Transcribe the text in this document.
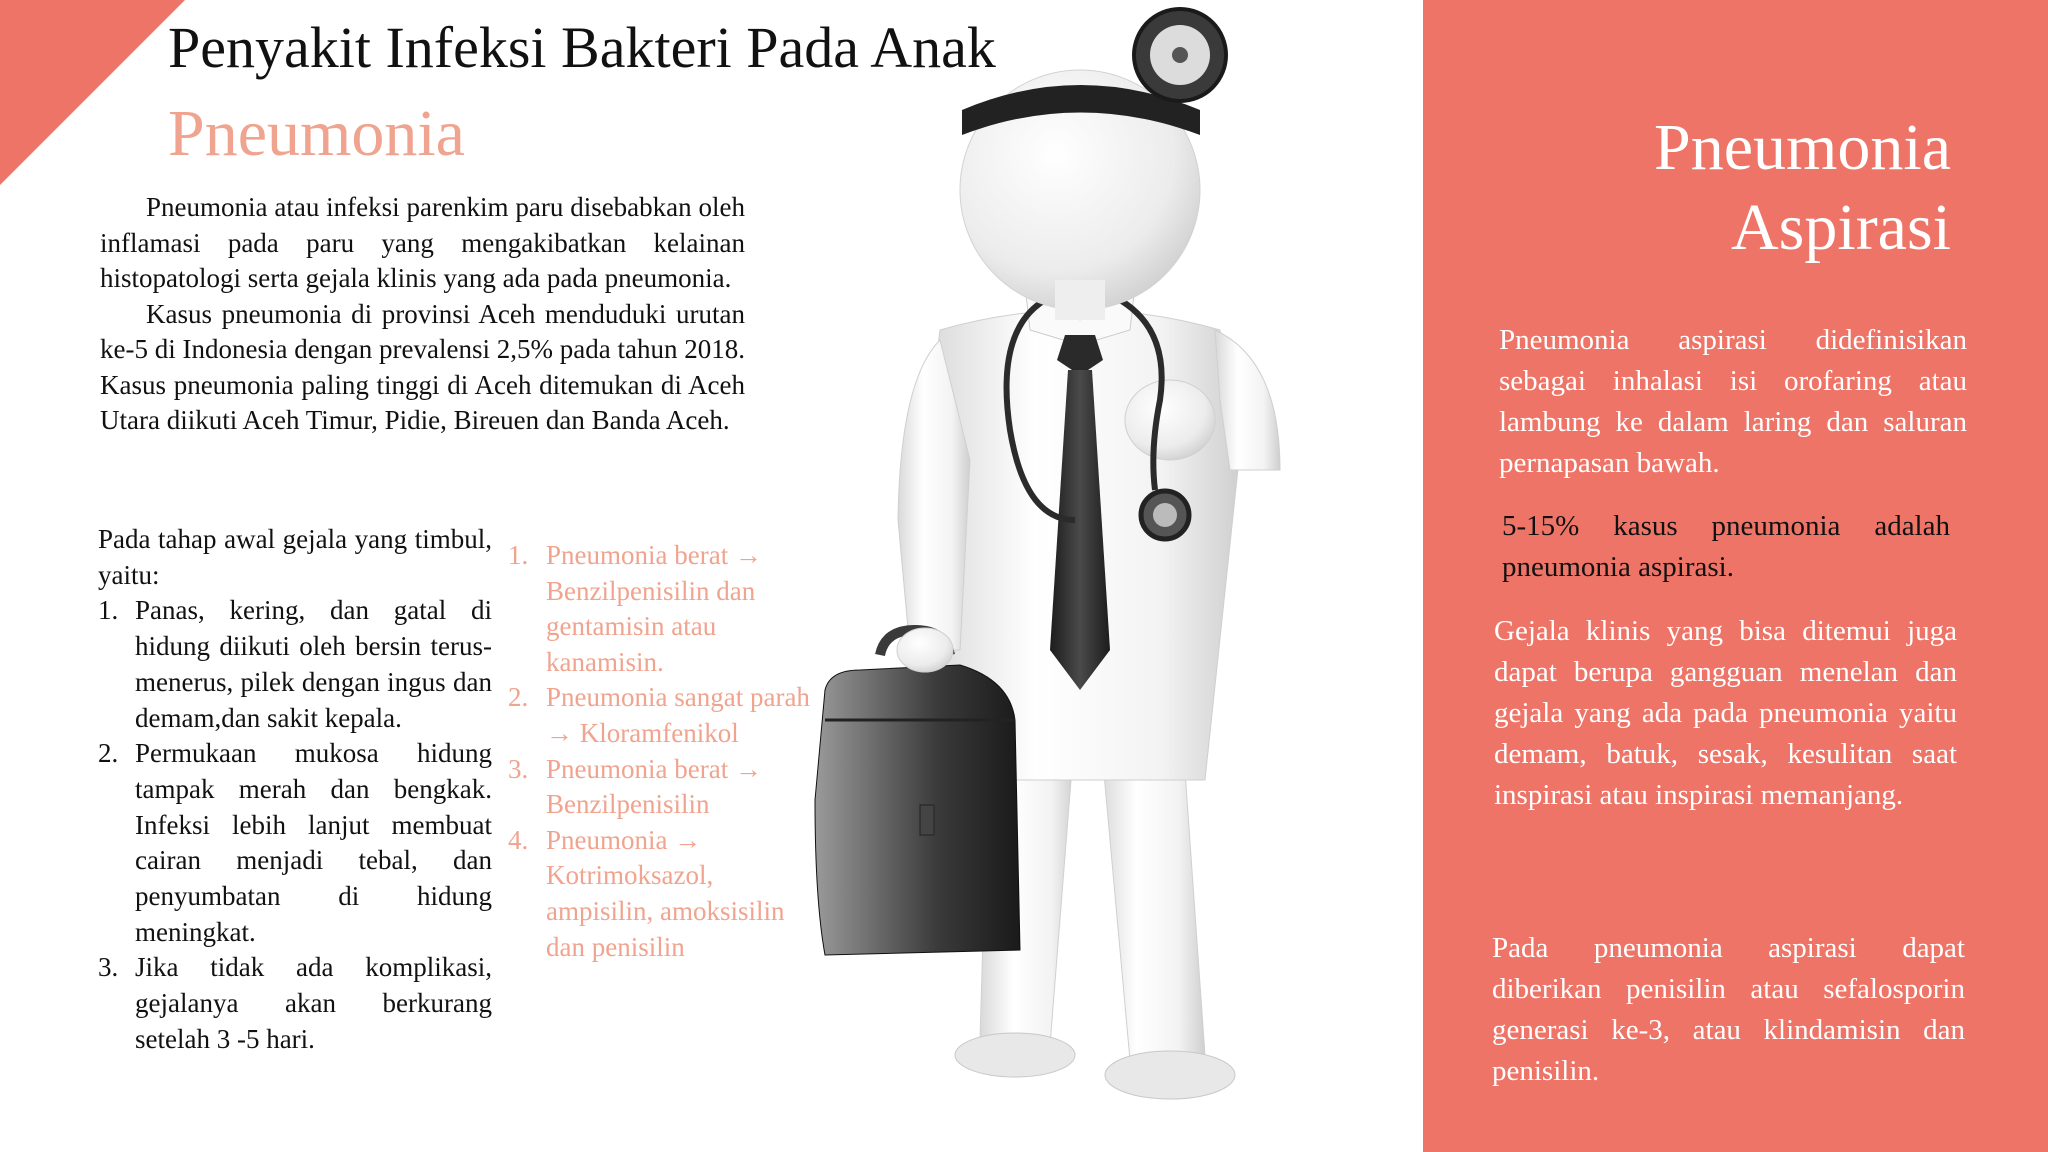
Penyakit Infeksi Bakteri Pada Anak
Pneumonia

Pneumonia atau infeksi parenkim paru disebabkan oleh inflamasi pada paru yang mengakibatkan kelainan histopatologi serta gejala klinis yang ada pada pneumonia.

Kasus pneumonia di provinsi Aceh menduduki urutan ke-5 di Indonesia dengan prevalensi 2,5% pada tahun 2018. Kasus pneumonia paling tinggi di Aceh ditemukan di Aceh Utara diikuti Aceh Timur, Pidie, Bireuen dan Banda Aceh.

Pada tahap awal gejala yang timbul, yaitu:

1. Panas, kering, dan gatal di hidung diikuti oleh bersin terus-menerus, pilek dengan ingus dan demam,dan sakit kepala.
2. Permukaan mukosa hidung tampak merah dan bengkak. Infeksi lebih lanjut membuat cairan menjadi tebal, dan penyumbatan di hidung meningkat.
3. Jika tidak ada komplikasi, gejalanya akan berkurang setelah 3 -5 hari.
1. Pneumonia berat → Benzilpenisilin dan gentamisin atau kanamisin.
2. Pneumonia sangat parah → Kloramfenikol
3. Pneumonia berat → Benzilpenisilin
4. Pneumonia → Kotrimoksazol, ampisilin, amoksisilin dan penisilin
Pneumonia
Aspirasi
Pneumonia aspirasi didefinisikan sebagai inhalasi isi orofaring atau lambung ke dalam laring dan saluran pernapasan bawah.
5-15% kasus pneumonia adalah pneumonia aspirasi.
Gejala klinis yang bisa ditemui juga dapat berupa gangguan menelan dan gejala yang ada pada pneumonia yaitu demam, batuk, sesak, kesulitan saat inspirasi atau inspirasi memanjang.
Pada pneumonia aspirasi dapat diberikan penisilin atau sefalosporin generasi ke-3, atau klindamisin dan penisilin.
